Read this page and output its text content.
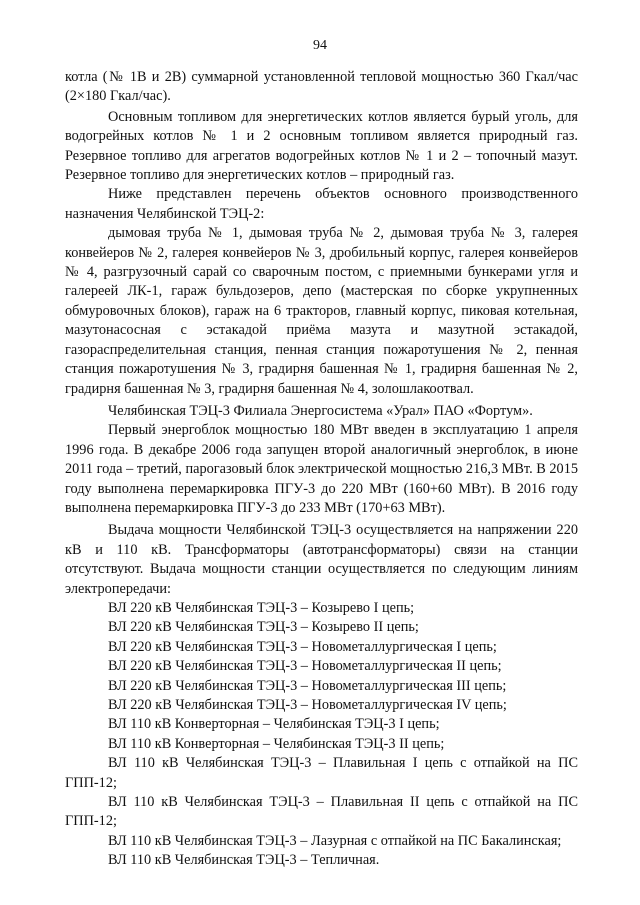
94

котла (№ 1В и 2В) суммарной установленной тепловой мощностью 360 Гкал/час (2×180 Гкал/час).

Основным топливом для энергетических котлов является бурый уголь, для водогрейных котлов № 1 и 2 основным топливом является природный газ. Резервное топливо для агрегатов водогрейных котлов № 1 и 2 – топочный мазут. Резервное топливо для энергетических котлов – природный газ.

Ниже представлен перечень объектов основного производственного назначения Челябинской ТЭЦ-2:

дымовая труба № 1, дымовая труба № 2, дымовая труба № 3, галерея конвейеров № 2, галерея конвейеров № 3, дробильный корпус, галерея конвейеров № 4, разгрузочный сарай со сварочным постом, с приемными бункерами угля и галереей ЛК-1, гараж бульдозеров, депо (мастерская по сборке укрупненных обмуровочных блоков), гараж на 6 тракторов, главный корпус, пиковая котельная, мазутонасосная с эстакадой приёма мазута и мазутной эстакадой, газораспределительная станция, пенная станция пожаротушения № 2, пенная станция пожаротушения № 3, градирня башенная № 1, градирня башенная № 2, градирня башенная № 3, градирня башенная № 4, золошлакоотвал.

Челябинская ТЭЦ-3 Филиала Энергосистема «Урал» ПАО «Фортум».

Первый энергоблок мощностью 180 МВт введен в эксплуатацию 1 апреля 1996 года. В декабре 2006 года запущен второй аналогичный энергоблок, в июне 2011 года – третий, парогазовый блок электрической мощностью 216,3 МВт. В 2015 году выполнена перемаркировка ПГУ-3 до 220 МВт (160+60 МВт). В 2016 году выполнена перемаркировка ПГУ-3 до 233 МВт (170+63 МВт).

Выдача мощности Челябинской ТЭЦ-3 осуществляется на напряжении 220 кВ и 110 кВ. Трансформаторы (автотрансформаторы) связи на станции отсутствуют. Выдача мощности станции осуществляется по следующим линиям электропередачи:

ВЛ 220 кВ Челябинская ТЭЦ-3 – Козырево I цепь;

ВЛ 220 кВ Челябинская ТЭЦ-3 – Козырево II цепь;

ВЛ 220 кВ Челябинская ТЭЦ-3 – Новометаллургическая I цепь;

ВЛ 220 кВ Челябинская ТЭЦ-3 – Новометаллургическая II цепь;

ВЛ 220 кВ Челябинская ТЭЦ-3 – Новометаллургическая III цепь;

ВЛ 220 кВ Челябинская ТЭЦ-3 – Новометаллургическая IV цепь;

ВЛ 110 кВ Конверторная – Челябинская ТЭЦ-3 I цепь;

ВЛ 110 кВ Конверторная – Челябинская ТЭЦ-3 II цепь;

ВЛ 110 кВ Челябинская ТЭЦ-3 – Плавильная I цепь с отпайкой на ПС ГПП-12;

ВЛ 110 кВ Челябинская ТЭЦ-3 – Плавильная II цепь с отпайкой на ПС ГПП-12;

ВЛ 110 кВ Челябинская ТЭЦ-3 – Лазурная с отпайкой на ПС Бакалинская;

ВЛ 110 кВ Челябинская ТЭЦ-3 – Тепличная.
